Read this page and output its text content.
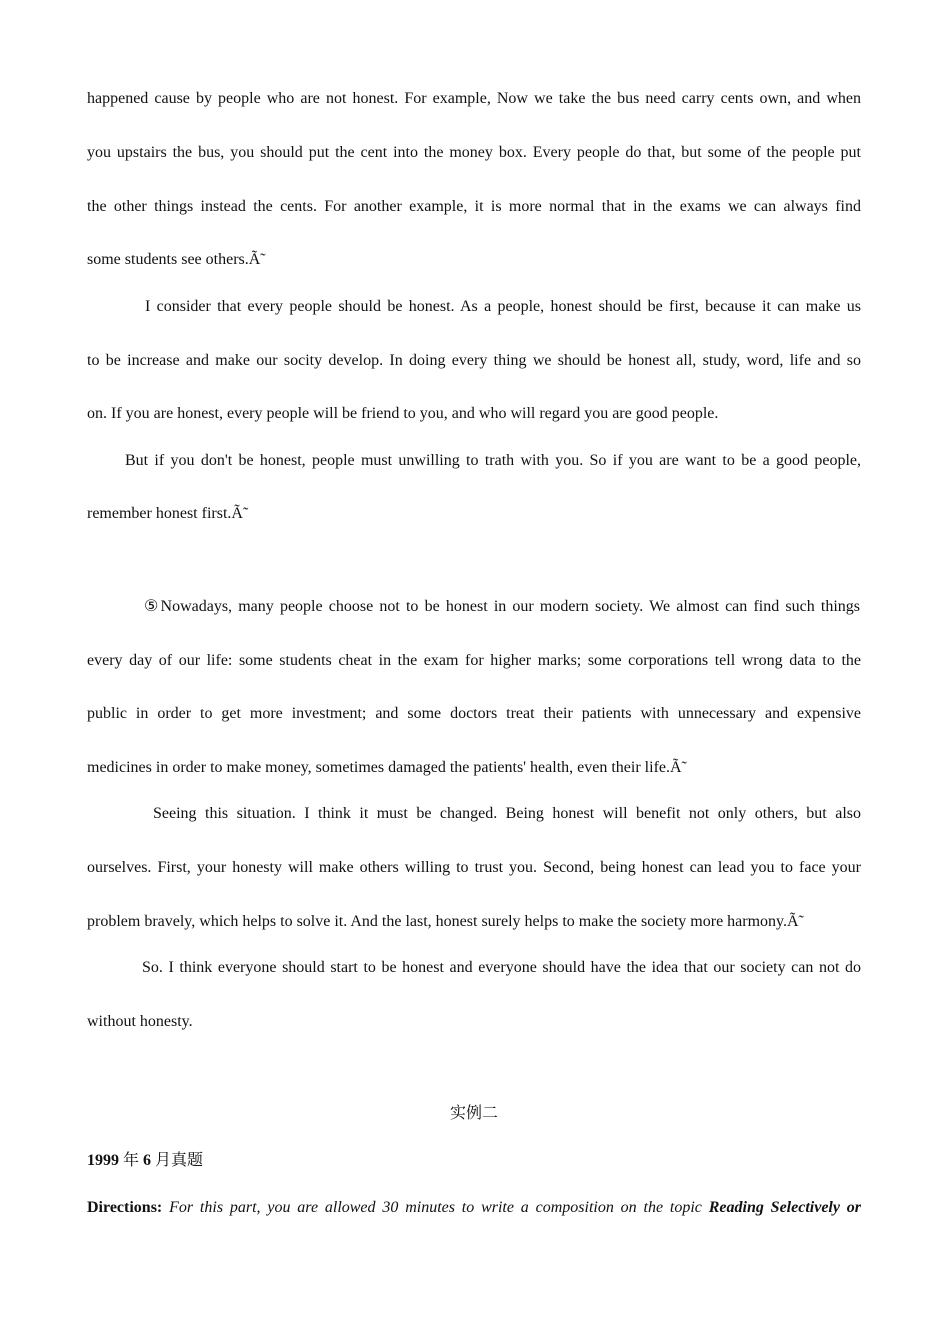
happened cause by people who are not honest. For example, Now we take the bus need carry cents own, and when
you upstairs the bus, you should put the cent into the money box. Every people do that, but some of the people put
the other things instead the cents. For another example, it is more normal that in the exams we can always find
some students see others.Ã̃
I consider that every people should be honest. As a people, honest should be first, because it can make us
to be increase and make our socity develop. In doing every thing we should be honest all, study, word, life and so
on. If you are honest, every people will be friend to you, and who will regard you are good people.
But if you don't be honest, people must unwilling to trath with you. So if you are want to be a good people,
remember honest first.Ã̃
⑤Nowadays, many people choose not to be honest in our modern society. We almost can find such things
every day of our life: some students cheat in the exam for higher marks; some corporations tell wrong data to the
public in order to get more investment; and some doctors treat their patients with unnecessary and expensive
medicines in order to make money, sometimes damaged the patients' health, even their life.Ã̃
Seeing this situation. I think it must be changed. Being honest will benefit not only others, but also
ourselves. First, your honesty will make others willing to trust you. Second, being honest can lead you to face your
problem bravely, which helps to solve it. And the last, honest surely helps to make the society more harmony.Ã̃
So. I think everyone should start to be honest and everyone should have the idea that our society can not do
without honesty.
实例二
1999 年 6 月真题
Directions: For this part, you are allowed 30 minutes to write a composition on the topic Reading Selectively or
